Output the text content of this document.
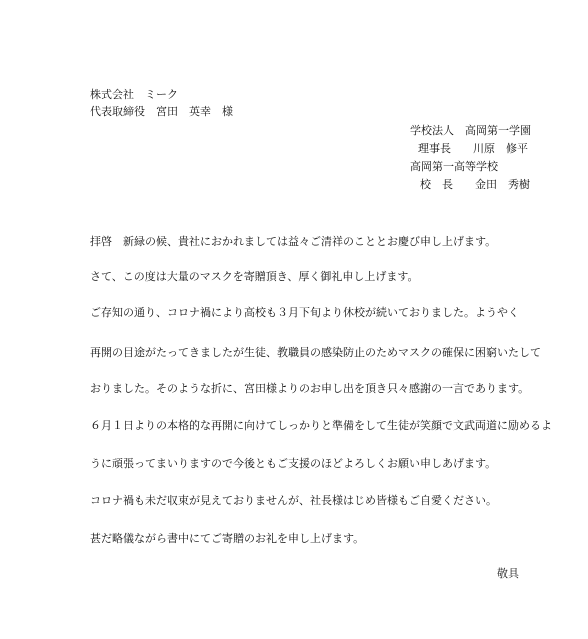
株式会社　ミーク
代表取締役　宮田　英幸　様
学校法人　高岡第一学園
理事長　　川原　修平
高岡第一高等学校
校　長　　金田　秀樹
拝啓　新緑の候、貴社におかれましては益々ご清祥のこととお慶び申し上げます。
さて、この度は大量のマスクを寄贈頂き、厚く御礼申し上げます。
ご存知の通り、コロナ禍により高校も３月下旬より休校が続いておりました。ようやく
再開の目途がたってきましたが生徒、教職員の感染防止のためマスクの確保に困窮いたして
おりました。そのような折に、宮田様よりのお申し出を頂き只々感謝の一言であります。
６月１日よりの本格的な再開に向けてしっかりと準備をして生徒が笑顔で文武両道に励めるよ
うに頑張ってまいりますので今後ともご支援のほどよろしくお願い申しあげます。
コロナ禍も未だ収束が見えておりませんが、社長様はじめ皆様もご自愛ください。
甚だ略儀ながら書中にてご寄贈のお礼を申し上げます。
敬具
